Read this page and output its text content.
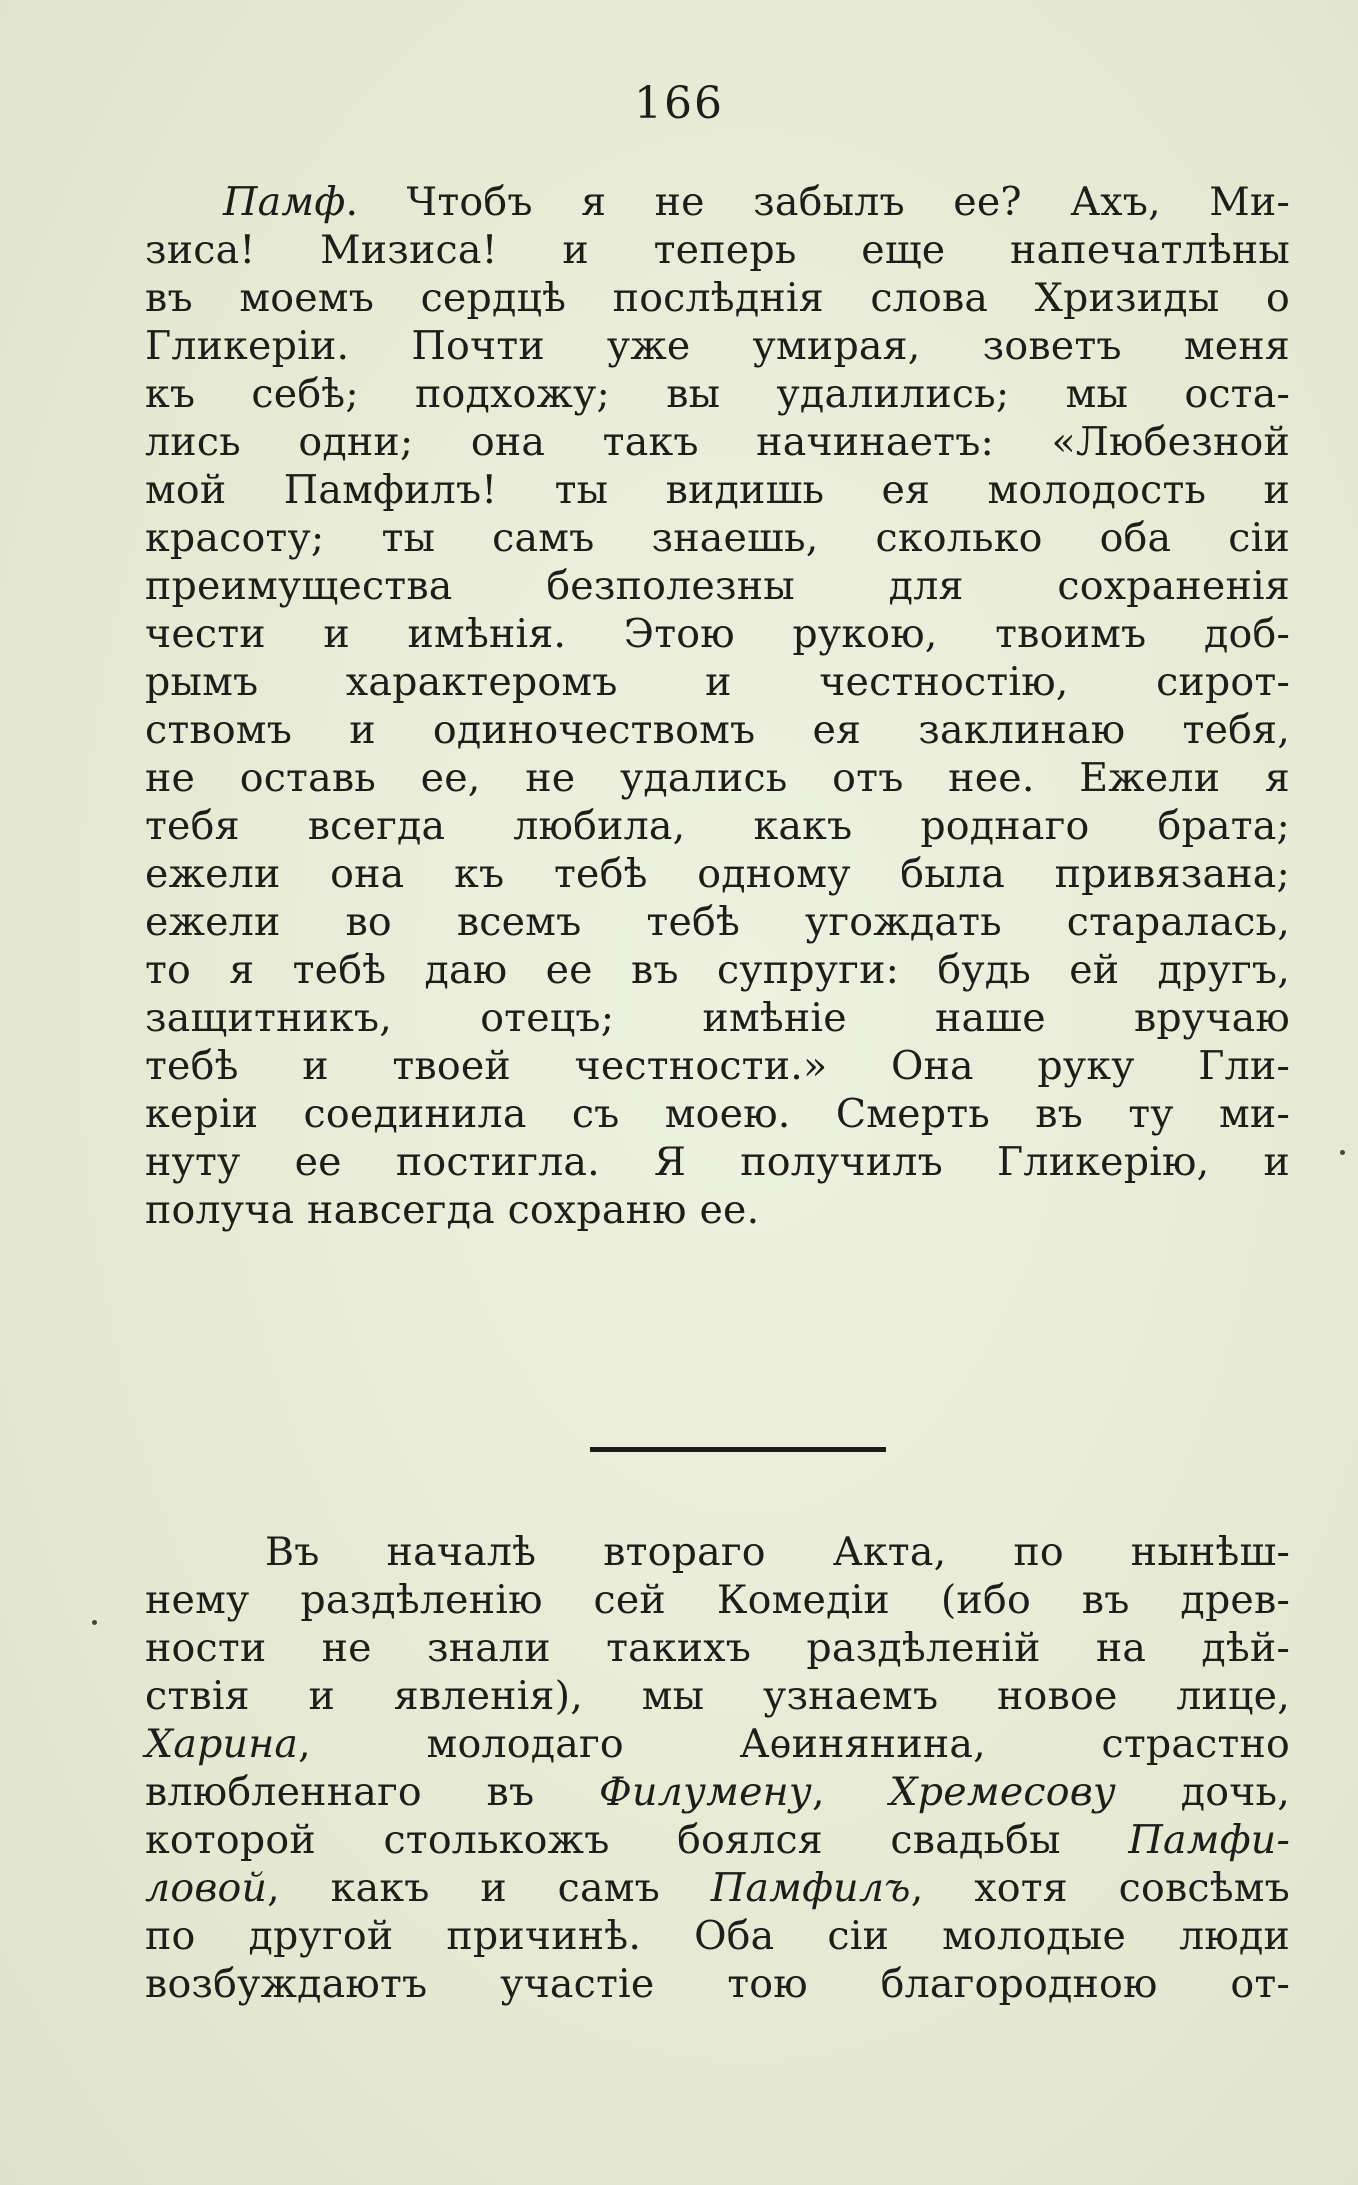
166
Памф. Чтобъ я не забылъ ее? Ахъ, Ми-
зиса! Мизиса! и теперь еще напечатлѣны
въ моемъ сердцѣ послѣднія слова Хризиды о
Гликеріи. Почти уже умирая, зоветъ меня
къ себѣ; подхожу; вы удалились; мы оста-
лись одни; она такъ начинаетъ: «Любезной
мой Памфилъ! ты видишь ея молодость и
красоту; ты самъ знаешь, сколько оба сіи
преимущества безполезны для сохраненія
чести и имѣнія. Этою рукою, твоимъ доб-
рымъ характеромъ и честностію, сирот-
ствомъ и одиночествомъ ея заклинаю тебя,
не оставь ее, не удались отъ нее. Ежели я
тебя всегда любила, какъ роднаго брата;
ежели она къ тебѣ одному была привязана;
ежели во всемъ тебѣ угождать старалась,
то я тебѣ даю ее въ супруги: будь ей другъ,
защитникъ, отецъ; имѣніе наше вручаю
тебѣ и твоей честности.» Она руку Гли-
керіи соединила съ моею. Смерть въ ту ми-
нуту ее постигла. Я получилъ Гликерію, и
получа навсегда сохраню ее.
Въ началѣ втораго Акта, по нынѣш-
нему раздѣленію сей Комедіи (ибо въ древ-
ности не знали такихъ раздѣленій на дѣй-
ствія и явленія), мы узнаемъ новое лице,
Харина, молодаго Аѳинянина, страстно
влюбленнаго въ Филумену, Хремесову дочь,
которой столькожъ боялся свадьбы Памфи-
ловой, какъ и самъ Памфилъ, хотя совсѣмъ
по другой причинѣ. Оба сіи молодые люди
возбуждаютъ участіе тою благородною от-
